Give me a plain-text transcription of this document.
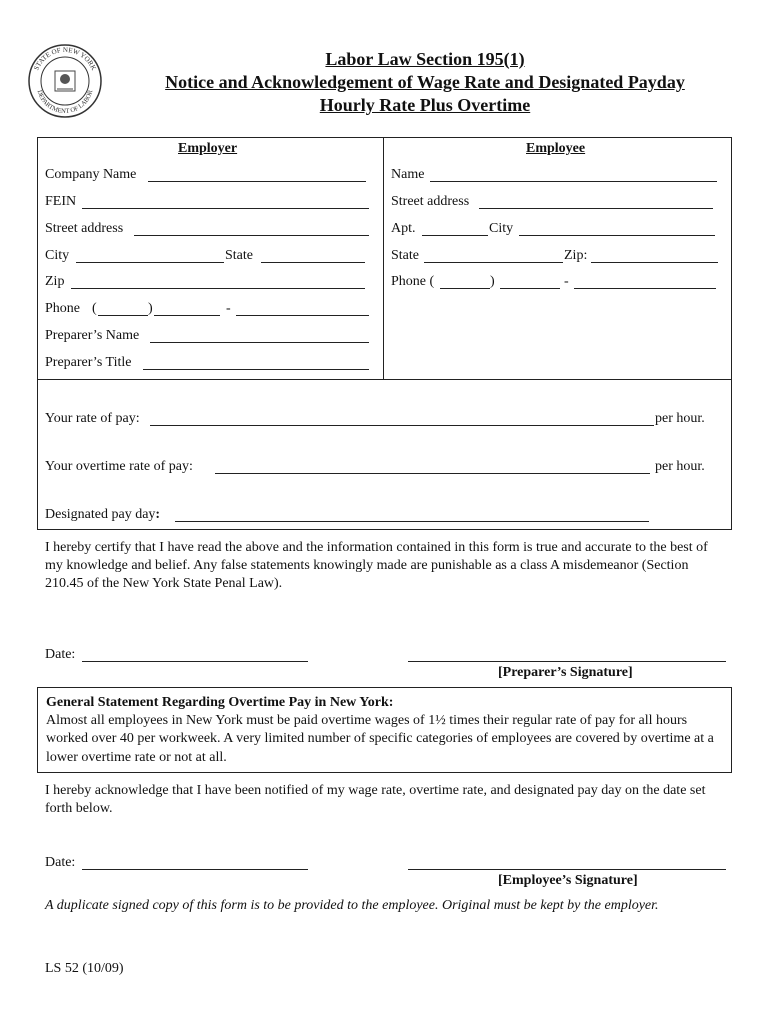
STATE OF NEW YORK
DEPARTMENT OF LABOR
Labor Law Section 195(1)
Notice and Acknowledgement of Wage Rate and Designated Payday
Hourly Rate Plus Overtime
Employer	Employee
Company Name
FEIN
Street address
City	State
Zip
Phone (	)	-
Preparer’s Name
Preparer’s Title
Name
Street address
Apt.	City
State	Zip:
Phone (	)	-
Your rate of pay:	per hour.
Your overtime rate of pay:	per hour.
Designated pay day:
I hereby certify that I have read the above and the information contained in this form is true and accurate to the best of my knowledge and belief. Any false statements knowingly made are punishable as a class A misdemeanor (Section 210.45 of the New York State Penal Law).
Date:
[Preparer’s Signature]
General Statement Regarding Overtime Pay in New York:
Almost all employees in New York must be paid overtime wages of 1½ times their regular rate of pay for all hours worked over 40 per workweek. A very limited number of specific categories of employees are covered by overtime at a lower overtime rate or not at all.
I hereby acknowledge that I have been notified of my wage rate, overtime rate, and designated pay day on the date set forth below.
Date:
[Employee’s Signature]
A duplicate signed copy of this form is to be provided to the employee. Original must be kept by the employer.
LS 52 (10/09)
